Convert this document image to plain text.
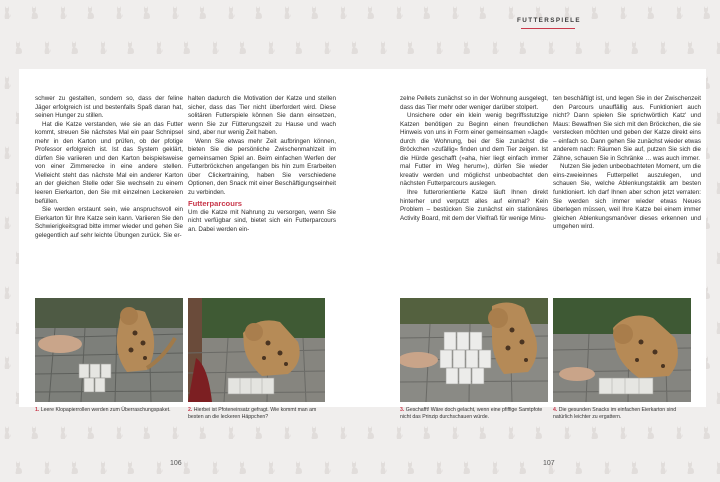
FUTTERSPIELE

schwer zu gestalten, sondern so, dass der feline Jäger erfolgreich ist und bestenfalls Spaß daran hat, seinen Hunger zu stillen.

Hat die Katze verstanden, wie sie an das Futter kommt, streuen Sie nächstes Mal ein paar Schnipsel mehr in den Karton und prüfen, ob der pfotige Professor erfolgreich ist. Ist das System geklärt, dürfen Sie variieren und den Karton beispielsweise von einer Zimmerecke in eine andere stellen. Vielleicht steht das nächste Mal ein anderer Karton an der gleichen Stelle oder Sie wechseln zu einem leeren Eierkarton, den Sie mit einzelnen Leckereien befüllen.

Sie werden erstaunt sein, wie anspruchsvoll ein Eierkarton für Ihre Katze sein kann. Variieren Sie den Schwierigkeitsgrad bitte immer wieder und gehen Sie gelegentlich auf sehr leichte Übungen zurück. Sie er-

halten dadurch die Motivation der Katze und stellen sicher, dass das Tier nicht überfordert wird. Diese solitären Futterspiele können Sie dann einsetzen, wenn Sie zur Fütterungszeit zu Hause und wach sind, aber nur wenig Zeit haben.

Wenn Sie etwas mehr Zeit aufbringen können, bieten Sie die persönliche Zwischenmahlzeit im gemeinsamen Spiel an. Beim einfachen Werfen der Futterbröckchen angefangen bis hin zum Erarbeiten über Clickertraining, haben Sie verschiedene Optionen, den Snack mit einer Beschäftigungseinheit zu verbinden.

Futterparcours

Um die Katze mit Nahrung zu versorgen, wenn Sie nicht verfügbar sind, bietet sich ein Futterparcours an. Dabei werden ein-

zelne Pellets zunächst so in der Wohnung ausgelegt, dass das Tier mehr oder weniger darüber stolpert.

Unsichere oder ein klein wenig begriffsstutzige Katzen benötigen zu Beginn einen freundlichen Hinweis von uns in Form einer gemeinsamen »Jagd« durch die Wohnung, bei der Sie zunächst die Bröckchen »zufällig« finden und dem Tier zeigen. Ist die Hürde geschafft (»aha, hier liegt einfach immer mal Futter im Weg herum«), dürfen Sie wieder kreativ werden und möglichst unbeobachtet den nächsten Futterparcours auslegen.

Ihre futterorientierte Katze läuft Ihnen direkt hinterher und verputzt alles auf einmal? Kein Problem – bestücken Sie zunächst ein stationäres Activity Board, mit dem der Vielfraß für wenige Minu-

ten beschäftigt ist, und legen Sie in der Zwischenzeit den Parcours unauffällig aus. Funktioniert auch nicht? Dann spielen Sie sprichwörtlich Katz' und Maus: Bewaffnen Sie sich mit den Bröckchen, die sie verstecken möchten und geben der Katze direkt eins – einfach so. Dann gehen Sie zunächst wieder etwas anderem nach: Räumen Sie auf, putzen Sie sich die Zähne, schauen Sie in Schränke … was auch immer.

Nutzen Sie jeden unbeobachteten Moment, um die eins-zweieinnes Futterpellet auszulegen, und schauen Sie, welche Ablenkungstaktik am besten funktioniert. Ich darf Ihnen aber schon jetzt verraten: Sie werden sich immer wieder etwas Neues überlegen müssen, weil Ihre Katze bei einem immer gleichen Ablenkungsmanöver dieses erkennen und umgehen wird.

1. Leere Klopapierrollen werden zum Überraschungspaket.	2. Hierbei ist Pfoteneinsatz gefragt. Wie kommt man am besten an die leckeren Häppchen?
3. Geschafft! Wäre doch gelacht, wenn eine pfiffige Samtpfote nicht das Prinzip durchschauen würde.
4. Die gesunden Snacks im einfachen Eierkarton sind natürlich leichter zu ergattern.
106	107
